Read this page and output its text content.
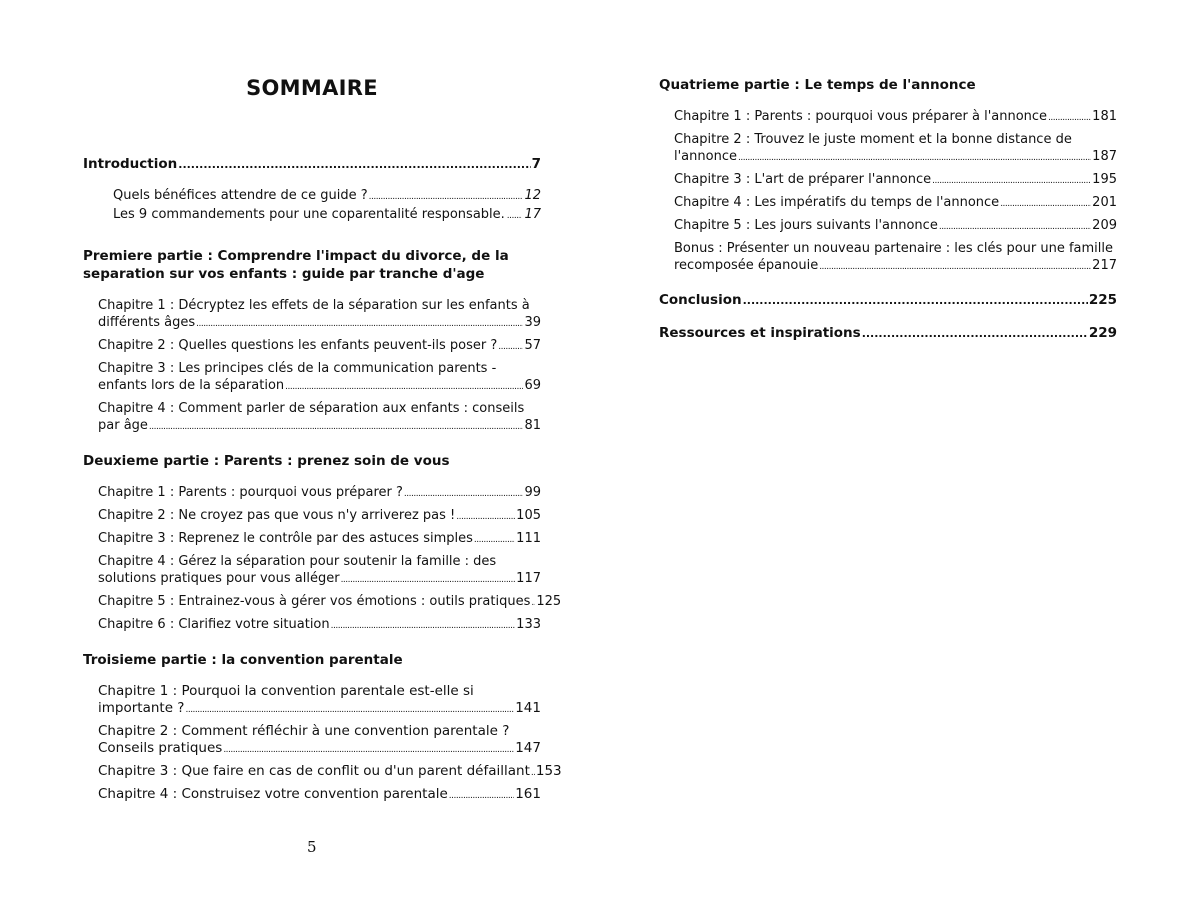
SOMMAIRE
Introduction .....	7
Quels bénéfices attendre de ce guide ? .....	12
Les 9 commandements pour une coparentalité responsable. ..... 17
Premiere partie : Comprendre l'impact du divorce, de la separation sur vos enfants : guide par tranche d'age
Chapitre 1 : Décryptez les effets de la séparation sur les enfants à
différents âges .....	39
Chapitre 2 : Quelles questions les enfants peuvent-ils poser ? ..... 57
Chapitre 3 : Les principes clés de la communication parents -
enfants lors de la séparation .....	69
Chapitre 4 : Comment parler de séparation aux enfants : conseils
par âge .....	81
Deuxieme partie : Parents : prenez soin de vous
Chapitre 1 : Parents : pourquoi vous préparer ? .....	99
Chapitre 2 : Ne croyez pas que vous n'y arriverez pas ! .....	105
Chapitre 3 : Reprenez le contrôle par des astuces simples .....	111
Chapitre 4 : Gérez la séparation pour soutenir la famille : des
solutions pratiques pour vous alléger .....	117
Chapitre 5 : Entrainez-vous à gérer vos émotions : outils pratiques ..... 125
Chapitre 6 : Clarifiez votre situation .....	133
Troisieme partie : la convention parentale
Chapitre 1 : Pourquoi la convention parentale est-elle si
importante ? .....	141
Chapitre 2 : Comment réfléchir à une convention parentale ?
Conseils pratiques .....	147
Chapitre 3 : Que faire en cas de conflit ou d'un parent défaillant ..... 153
Chapitre 4 : Construisez votre convention parentale .....	161
5
Quatrieme partie : Le temps de l'annonce
Chapitre 1 : Parents : pourquoi vous préparer à l'annonce .....	181
Chapitre 2 : Trouvez le juste moment et la bonne distance de
l'annonce .....	187
Chapitre 3 : L'art de préparer l'annonce .....	195
Chapitre 4 : Les impératifs du temps de l'annonce .....	201
Chapitre 5 : Les jours suivants l'annonce .....	209
Bonus : Présenter un nouveau partenaire : les clés pour une famille
recomposée épanouie .....	217
Conclusion .....	225
Ressources et inspirations .....	229
